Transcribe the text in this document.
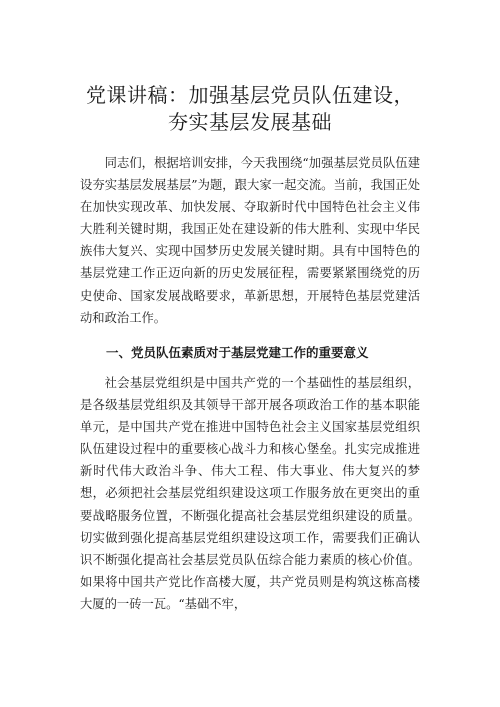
党课讲稿：加强基层党员队伍建设，
夯实基层发展基础

同志们，根据培训安排，今天我围绕“加强基层党员队伍建设夯实基层发展基层”为题，跟大家一起交流。当前，我国正处在加快实现改革、加快发展、夺取新时代中国特色社会主义伟大胜利关键时期，我国正处在建设新的伟大胜利、实现中华民族伟大复兴、实现中国梦历史发展关键时期。具有中国特色的基层党建工作正迈向新的历史发展征程，需要紧紧围绕党的历史使命、国家发展战略要求，革新思想，开展特色基层党建活动和政治工作。

一、党员队伍素质对于基层党建工作的重要意义

社会基层党组织是中国共产党的一个基础性的基层组织，是各级基层党组织及其领导干部开展各项政治工作的基本职能单元，是中国共产党在推进中国特色社会主义国家基层党组织队伍建设过程中的重要核心战斗力和核心堡垒。扎实完成推进新时代伟大政治斗争、伟大工程、伟大事业、伟大复兴的梦想，必须把社会基层党组织建设这项工作服务放在更突出的重要战略服务位置，不断强化提高社会基层党组织建设的质量。切实做到强化提高基层党组织建设这项工作，需要我们正确认识不断强化提高社会基层党员队伍综合能力素质的核心价值。如果将中国共产党比作高楼大厦，共产党员则是构筑这栋高楼大厦的一砖一瓦。“基础不牢，
